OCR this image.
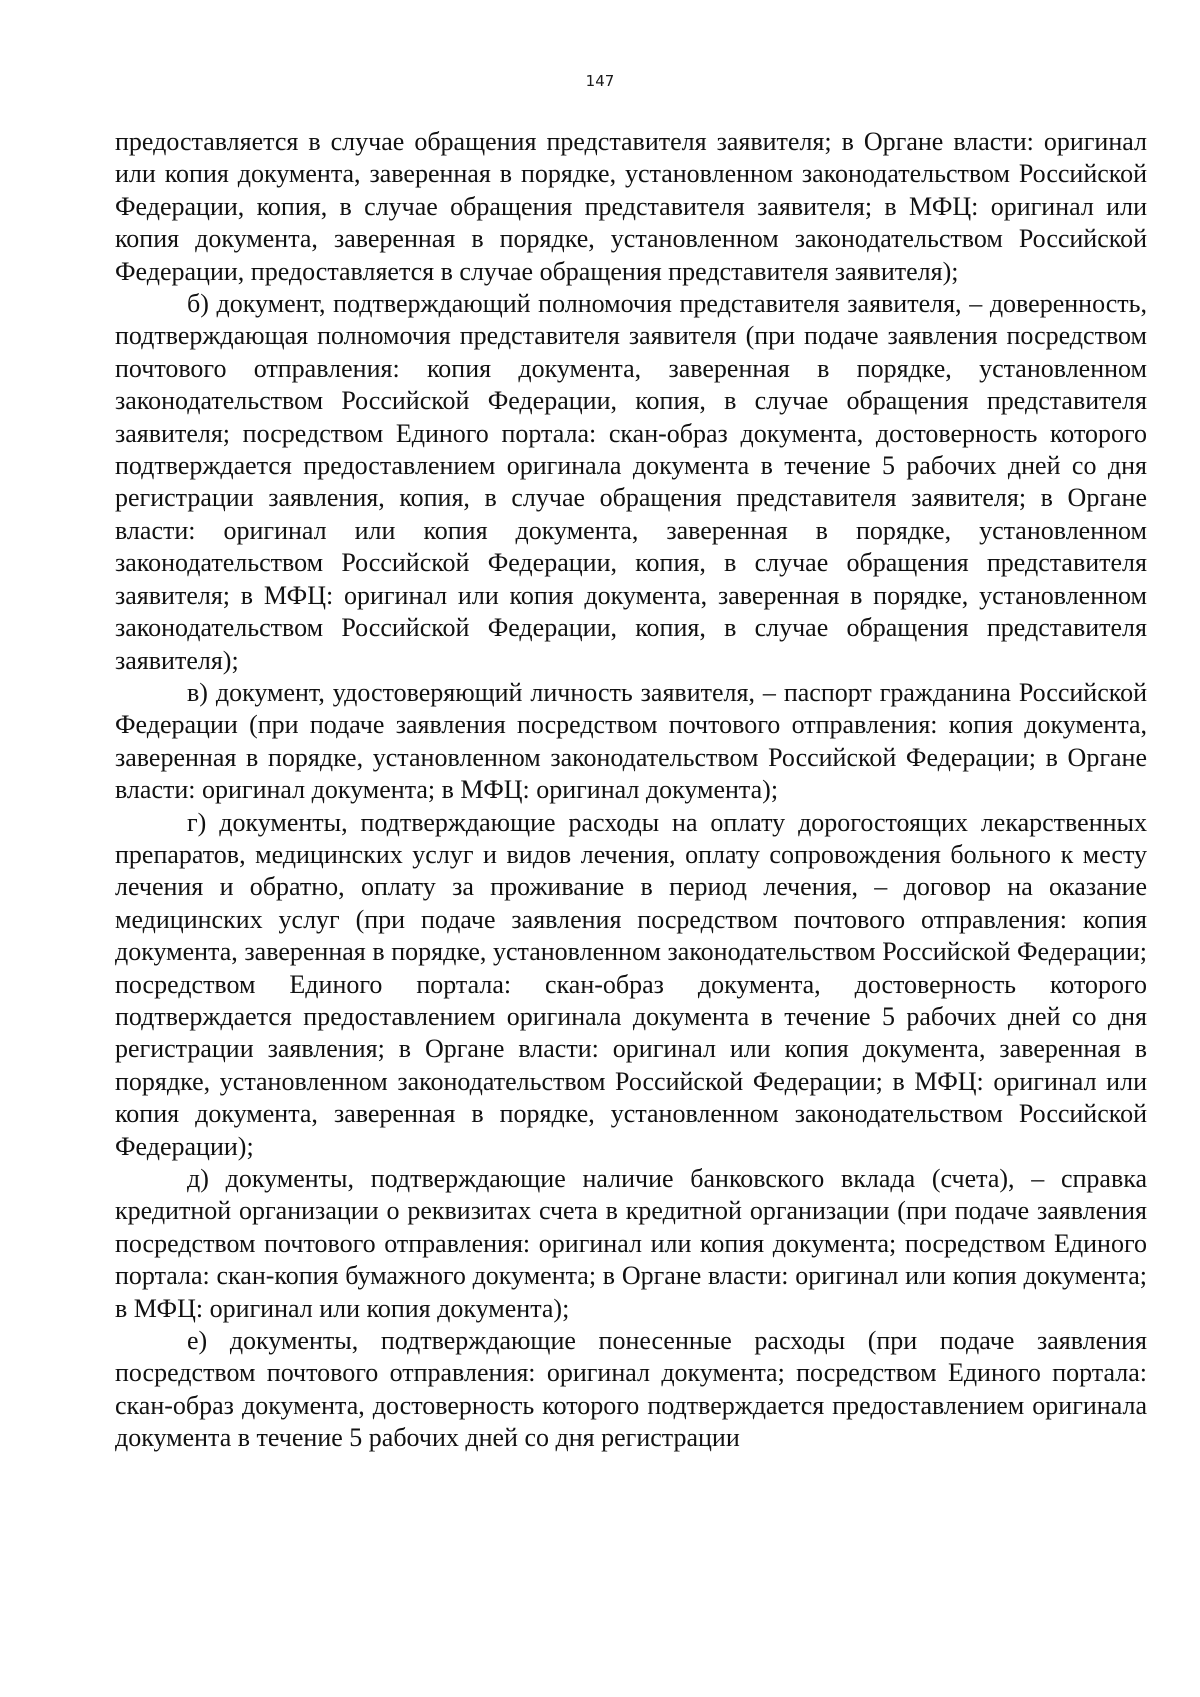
147

предоставляется в случае обращения представителя заявителя; в Органе власти: оригинал или копия документа, заверенная в порядке, установленном законодательством Российской Федерации, копия, в случае обращения представителя заявителя; в МФЦ: оригинал или копия документа, заверенная в порядке, установленном законодательством Российской Федерации, предоставляется в случае обращения представителя заявителя);

б) документ, подтверждающий полномочия представителя заявителя, – доверенность, подтверждающая полномочия представителя заявителя (при подаче заявления посредством почтового отправления: копия документа, заверенная в порядке, установленном законодательством Российской Федерации, копия, в случае обращения представителя заявителя; посредством Единого портала: скан-образ документа, достоверность которого подтверждается предоставлением оригинала документа в течение 5 рабочих дней со дня регистрации заявления, копия, в случае обращения представителя заявителя; в Органе власти: оригинал или копия документа, заверенная в порядке, установленном законодательством Российской Федерации, копия, в случае обращения представителя заявителя; в МФЦ: оригинал или копия документа, заверенная в порядке, установленном законодательством Российской Федерации, копия, в случае обращения представителя заявителя);

в) документ, удостоверяющий личность заявителя, – паспорт гражданина Российской Федерации (при подаче заявления посредством почтового отправления: копия документа, заверенная в порядке, установленном законодательством Российской Федерации; в Органе власти: оригинал документа; в МФЦ: оригинал документа);

г) документы, подтверждающие расходы на оплату дорогостоящих лекарственных препаратов, медицинских услуг и видов лечения, оплату сопровождения больного к месту лечения и обратно, оплату за проживание в период лечения, – договор на оказание медицинских услуг (при подаче заявления посредством почтового отправления: копия документа, заверенная в порядке, установленном законодательством Российской Федерации; посредством Единого портала: скан-образ документа, достоверность которого подтверждается предоставлением оригинала документа в течение 5 рабочих дней со дня регистрации заявления; в Органе власти: оригинал или копия документа, заверенная в порядке, установленном законодательством Российской Федерации; в МФЦ: оригинал или копия документа, заверенная в порядке, установленном законодательством Российской Федерации);

д) документы, подтверждающие наличие банковского вклада (счета), – справка кредитной организации о реквизитах счета в кредитной организации (при подаче заявления посредством почтового отправления: оригинал или копия документа; посредством Единого портала: скан-копия бумажного документа; в Органе власти: оригинал или копия документа; в МФЦ: оригинал или копия документа);

е) документы, подтверждающие понесенные расходы (при подаче заявления посредством почтового отправления: оригинал документа; посредством Единого портала: скан-образ документа, достоверность которого подтверждается предоставлением оригинала документа в течение 5 рабочих дней со дня регистрации
